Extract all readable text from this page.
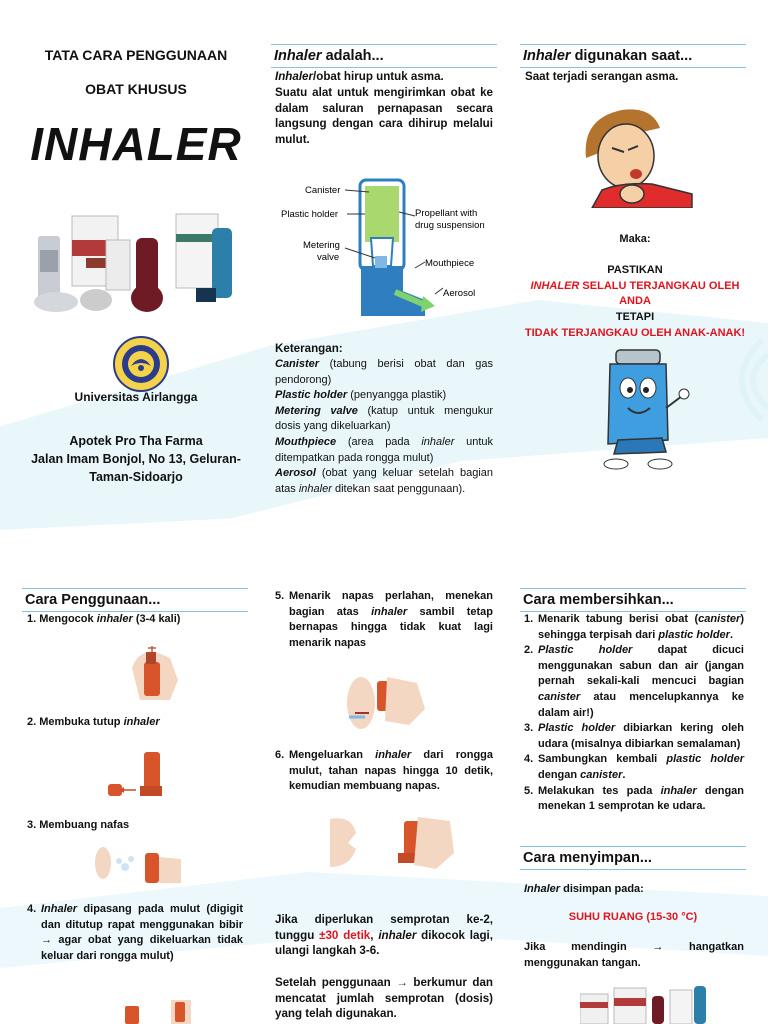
TATA CARA PENGGUNAAN
OBAT KHUSUS
INHALER
Universitas Airlangga
Apotek Pro Tha Farma
Jalan Imam Bonjol, No 13, Geluran-
Taman-Sidoarjo
Inhaler adalah...
Inhaler/obat hirup untuk asma.
Suatu alat untuk mengirimkan obat ke dalam saluran pernapasan secara langsung dengan cara dihirup melalui mulut.
Canister
Plastic holder
Metering
valve
Propellant with
drug suspension
Mouthpiece
Aerosol
Keterangan:

Canister (tabung berisi obat dan gas pendorong)

Plastic holder (penyangga plastik)

Metering valve (katup untuk mengukur dosis yang dikeluarkan)

Mouthpiece (area pada inhaler untuk ditempatkan pada rongga mulut)

Aerosol (obat yang keluar setelah bagian atas inhaler ditekan saat penggunaan).

Inhaler digunakan saat...
Saat terjadi serangan asma.
Maka:
PASTIKAN
INHALER SELALU TERJANGKAU OLEH
ANDA
TETAPI
TIDAK TERJANGKAU OLEH ANAK-ANAK!
Cara Penggunaan...
1. Mengocok inhaler (3-4 kali)
2. Membuka tutup inhaler
3. Membuang nafas
4. Inhaler dipasang pada mulut (digigit dan ditutup rapat menggunakan bibir → agar obat yang dikeluarkan tidak keluar dari rongga mulut)
5. Menarik napas perlahan, menekan bagian atas inhaler sambil tetap bernapas hingga tidak kuat lagi menarik napas
6. Mengeluarkan inhaler dari rongga mulut, tahan napas hingga 10 detik, kemudian membuang napas.
Jika diperlukan semprotan ke-2, tunggu ±30 detik, inhaler dikocok lagi, ulangi langkah 3-6.
Setelah penggunaan → berkumur dan mencatat jumlah semprotan (dosis) yang telah digunakan.
Cara membersihkan...
1. Menarik tabung berisi obat (canister) sehingga terpisah dari plastic holder.
2. Plastic holder dapat dicuci menggunakan sabun dan air (jangan pernah sekali-kali mencuci bagian canister atau mencelupkannya ke dalam air!)
3. Plastic holder dibiarkan kering oleh udara (misalnya dibiarkan semalaman)
4. Sambungkan kembali plastic holder dengan canister.
5. Melakukan tes pada inhaler dengan menekan 1 semprotan ke udara.
Cara menyimpan...
Inhaler disimpan pada:
SUHU RUANG (15-30 °C)
Jika mendingin → hangatkan menggunakan tangan.
